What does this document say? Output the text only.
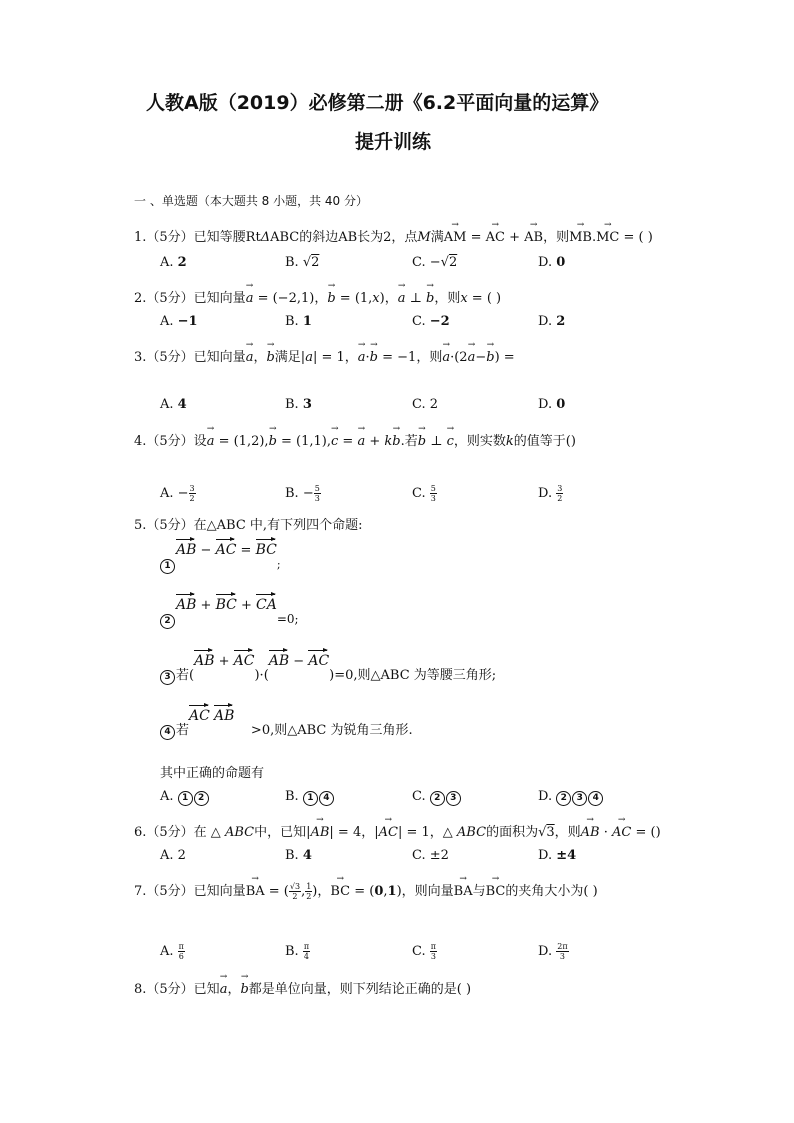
人教A版（2019）必修第二册《6.2平面向量的运算》
提升训练
一 、单选题（本大题共 8 小题，共 40 分）
1.（5分）已知等腰RtΔABC的斜边AB长为2，点M满→ AM = → AC + → AB，则→ MB.→ MC = ( )
A. 2	B. √2	C. −√2	D. 0
2.（5分）已知向量→ a = (−2,1)，→ b = (1,x)，→ a ⊥ → b，则x = ( )
A. −1	B. 1	C. −2	D. 2
3.（5分）已知向量→ a，→ b满足|a| = 1，→ a·→ b = −1，则→ a·(2→ a−→ b) =
A. 4	B. 3	C. 2	D. 0
4.（5分）设→ a = (1,2),→ b = (1,1),→ c = → a + k→ b.若→ b ⊥ → c，则实数k的值等于()
A. − $\frac{3}{2}$	B. − $\frac{5}{3}$	C. $\frac{5}{3}$	D. $\frac{3}{2}$
5.（5分）在△ABC 中,有下列四个命题:
1AB − AC = BC;
2AB + BC + CA=0;
3 若(AB + AC)·(AB − AC)=0,则△ABC 为等腰三角形;
4 若AC AB    >0,则△ABC 为锐角三角形.
其中正确的命题有
A. 1 2	B. 1 4	C. 2 3	D. 2 3 4
6.（5分）在 △ ABC中，已知|→ AB| = 4，|→ AC| = 1，△ ABC的面积为√3，则→ AB · → AC = ()
A. 2	B. 4	C. ±2	D. ±4
7.（5分）已知向量→ BA = ( $\frac{√3}{2}$ , $\frac{1}{2}$ )，→ BC = (0,1)，则向量→ BA与→ BC的夹角大小为( )
A. $\frac{\pi}{6}$	B. $\frac{\pi}{4}$	C. $\frac{\pi}{3}$	D. $\frac{2\pi}{3}$
8.（5分）已知→ a，→ b都是单位向量，则下列结论正确的是( )
